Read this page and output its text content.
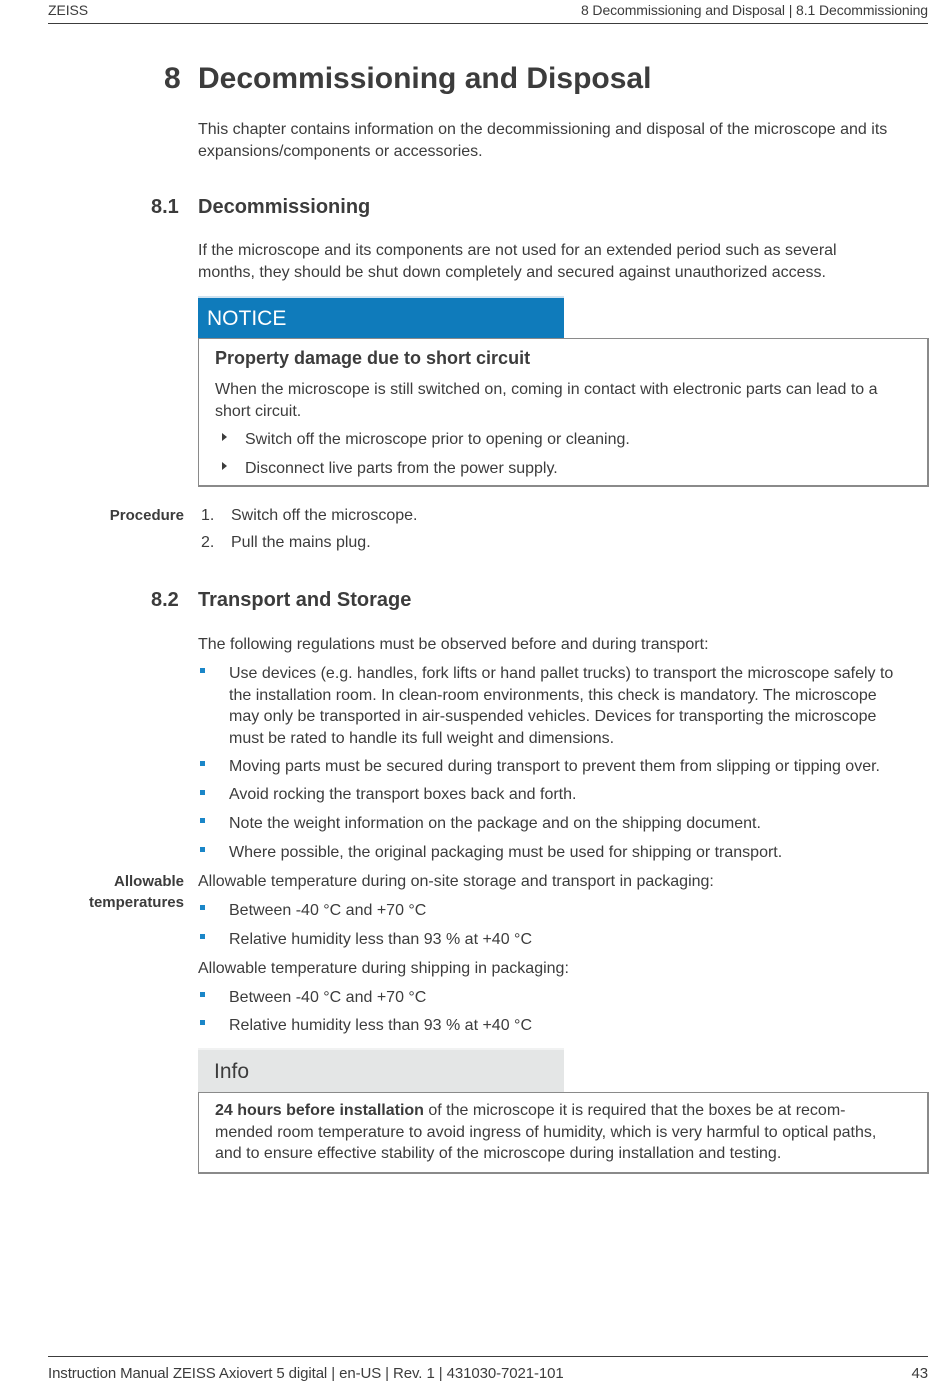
ZEISS	8 Decommissioning and Disposal | 8.1 Decommissioning
8 Decommissioning and Disposal
This chapter contains information on the decommissioning and disposal of the microscope and its
expansions/components or accessories.
8.1 Decommissioning
If the microscope and its components are not used for an extended period such as several
months, they should be shut down completely and secured against unauthorized access.
NOTICE
Property damage due to short circuit
When the microscope is still switched on, coming in contact with electronic parts can lead to a
short circuit.
Switch off the microscope prior to opening or cleaning.
Disconnect live parts from the power supply.
Procedure 1. Switch off the microscope.
2. Pull the mains plug.
8.2 Transport and Storage
The following regulations must be observed before and during transport:
Use devices (e.g. handles, fork lifts or hand pallet trucks) to transport the microscope safely to
the installation room. In clean-room environments, this check is mandatory. The microscope
may only be transported in air-suspended vehicles. Devices for transporting the microscope
must be rated to handle its full weight and dimensions.
Moving parts must be secured during transport to prevent them from slipping or tipping over.
Avoid rocking the transport boxes back and forth.
Note the weight information on the package and on the shipping document.
Where possible, the original packaging must be used for shipping or transport.
Allowable
temperatures
Allowable temperature during on-site storage and transport in packaging:
Between -40 °C and +70 °C
Relative humidity less than 93 % at +40 °C
Allowable temperature during shipping in packaging:
Between -40 °C and +70 °C
Relative humidity less than 93 % at +40 °C
Info
24 hours before installation of the microscope it is required that the boxes be at recom-
mended room temperature to avoid ingress of humidity, which is very harmful to optical paths,
and to ensure effective stability of the microscope during installation and testing.
Instruction Manual ZEISS Axiovert 5 digital | en-US | Rev. 1 | 431030-7021-101	43
